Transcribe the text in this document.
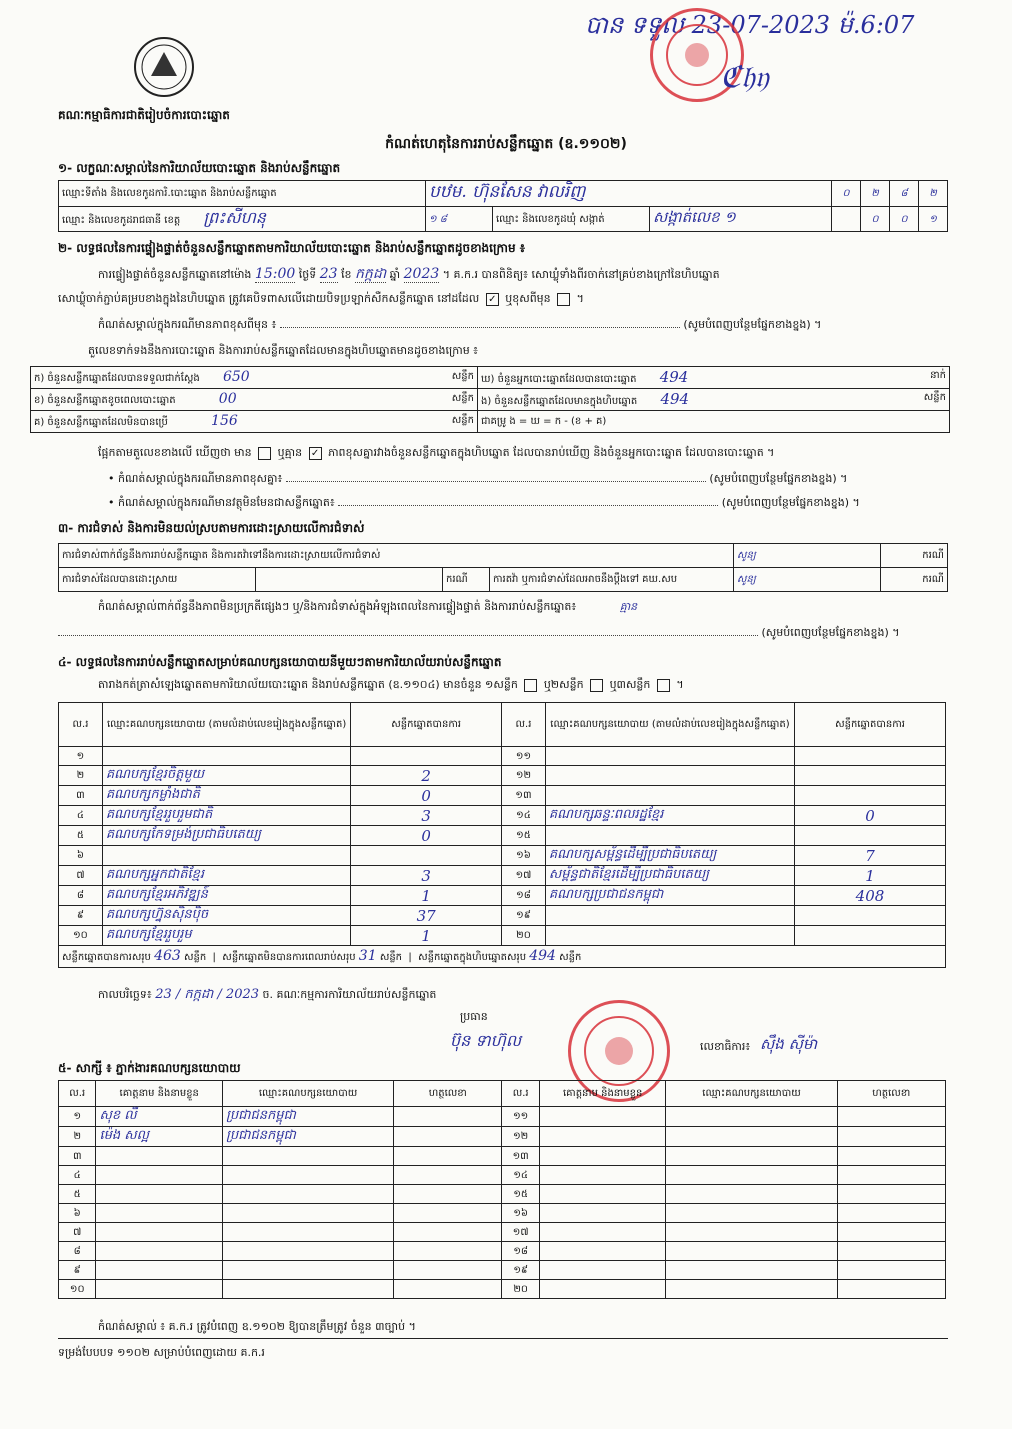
បាន ទទួល 23-07-2023 ម៉.6:07
ℭ𝔥𝔶
គណៈកម្មាធិការជាតិរៀបចំការបោះឆ្នោត
កំណត់ហេតុនៃការរាប់សន្លឹកឆ្នោត (ឧ.១១០២)
១- លក្ខណៈសម្គាល់នៃការិយាល័យបោះឆ្នោត និងរាប់សន្លឹកឆ្នោត
ឈ្មោះទីតាំង និងលេខកូដការិ.បោះឆ្នោត និងរាប់សន្លឹកឆ្នោត	បឋម. ហ៊ុនសែន វាលរិញ			០	២	៨	២
ឈ្មោះ និងលេខកូដរាជធានី ខេត្ត ព្រះសីហនុ	១ ៨	ឈ្មោះ និងលេខកូដឃុំ សង្កាត់	សង្កាត់លេខ ១		០	០	១
២- លទ្ធផលនៃការផ្ទៀងផ្ទាត់ចំនួនសន្លឹកឆ្នោតតាមការិយាល័យបោះឆ្នោត និងរាប់សន្លឹកឆ្នោតដូចខាងក្រោម ៖
ការផ្ទៀងផ្ទាត់ចំនួនសន្លឹកឆ្នោតនៅម៉ោង 15:00 ថ្ងៃទី 23 ខែ កក្កដា ឆ្នាំ 2023 ។ គ.ក.រ បានពិនិត្យ៖ សោឃ្លុំទាំងពីរចាក់នៅគ្រប់ខាងក្រៅនៃហិបឆ្នោត
សោឃ្លុំចាក់ភ្ជាប់គម្របខាងក្នុងនៃហិបឆ្នោត ត្រូវគេបិទពាសលើដោយបិទប្រឡាក់សឺកសន្លឹកឆ្នោត នៅដដែល ✓ ឬខុសពីមុន  ។
កំណត់សម្គាល់ក្នុងករណីមានភាពខុសពីមុន ៖	(សូមបំពេញបន្ថែមផ្នែកខាងខ្នង) ។
តួលេខទាក់ទងនឹងការបោះឆ្នោត និងការរាប់សន្លឹកឆ្នោតដែលមានក្នុងហិបឆ្នោតមានដូចខាងក្រោម ៖
ក) ចំនួនសន្លឹកឆ្នោតដែលបានទទួលជាក់ស្តែង 650 សន្លឹក	ឃ) ចំនួនអ្នកបោះឆ្នោតដែលបានបោះឆ្នោត 494 នាក់

ខ) ចំនួនសន្លឹកឆ្នោតខូចពេលបោះឆ្នោត 00 សន្លឹក	ង) ចំនួនសន្លឹកឆ្នោតដែលមានក្នុងហិបឆ្នោត 494 សន្លឹក

គ) ចំនួនសន្លឹកឆ្នោតដែលមិនបានប្រើ 156 សន្លឹក	ជាគម្រូ ង = ឃ = ក - (ខ + គ)
ផ្អែកតាមតួលេខខាងលើ ឃើញថា មាន ឬគ្មាន ✓ ភាពខុសគ្នារវាងចំនួនសន្លឹកឆ្នោតក្នុងហិបឆ្នោត ដែលបានរាប់ឃើញ និងចំនួនអ្នកបោះឆ្នោត ដែលបានបោះឆ្នោត ។
• កំណត់សម្គាល់ក្នុងករណីមានភាពខុសគ្នា៖	(សូមបំពេញបន្ថែមផ្នែកខាងខ្នង) ។
• កំណត់សម្គាល់ក្នុងករណីមានវត្ថុមិនមែនជាសន្លឹកឆ្នោត៖	(សូមបំពេញបន្ថែមផ្នែកខាងខ្នង) ។
៣- ការជំទាស់ និងការមិនយល់ស្របតាមការដោះស្រាយលើការជំទាស់
ការជំទាស់ពាក់ព័ន្ធនឹងការរាប់សន្លឹកឆ្នោត និងការតវ៉ាទៅនឹងការដោះស្រាយលើការជំទាស់				សូន្យ	ករណី
ការជំទាស់ដែលបានដោះស្រាយ		ករណី	ការតវ៉ា ឬការជំទាស់ដែលអាចនឹងប្តឹងទៅ គឃ.សប	សូន្យ	ករណី
កំណត់សម្គាល់ពាក់ព័ន្ធនឹងភាពមិនប្រក្រតីផ្សេងៗ ឬ/និងការជំទាស់ក្នុងអំឡុងពេលនៃការផ្ទៀងផ្ទាត់ និងការរាប់សន្លឹកឆ្នោត៖	គ្មាន
(សូមបំពេញបន្ថែមផ្នែកខាងខ្នង) ។
៤- លទ្ធផលនៃការរាប់សន្លឹកឆ្នោតសម្រាប់គណបក្សនយោបាយនីមួយៗតាមការិយាល័យរាប់សន្លឹកឆ្នោត
តារាងកត់ត្រាសំឡេងឆ្នោតតាមការិយាល័យបោះឆ្នោត និងរាប់សន្លឹកឆ្នោត (ឧ.១១០៤) មានចំនួន ១សន្លឹក ឬ២សន្លឹក ឬ៣សន្លឹក  ។
ល.រ	ឈ្មោះគណបក្សនយោបាយ (តាមលំដាប់លេខរៀងក្នុងសន្លឹកឆ្នោត)	សន្លឹកឆ្នោតបានការ	ល.រ	ឈ្មោះគណបក្សនយោបាយ (តាមលំដាប់លេខរៀងក្នុងសន្លឹកឆ្នោត)	សន្លឹកឆ្នោតបានការ
១			១១		
២	គណបក្សខ្មែរចិត្តមួយ	2	១២		
៣	គណបក្សកម្លាំងជាតិ	0	១៣		
៤	គណបក្សខ្មែររួបរួមជាតិ	3	១៤	គណបក្សឆន្ទៈពលរដ្ឋខ្មែរ	0
៥	គណបក្សកែទម្រង់ប្រជាធិបតេយ្យ	0	១៥		
៦			១៦	គណបក្សសម្ព័ន្ធដើម្បីប្រជាធិបតេយ្យ	7
៧	គណបក្សអ្នកជាតិខ្មែរ	3	១៧	សម្ព័ន្ធជាតិខ្មែរដើម្បីប្រជាធិបតេយ្យ	1
៨	គណបក្សខ្មែរអភិវឌ្ឍន៍	1	១៨	គណបក្សប្រជាជនកម្ពុជា	408
៩	គណបក្សហ្វ៊ុនស៊ិនប៉ិច	37	១៩		
១០	គណបក្សខ្មែររួបរួម	1	២០		
សន្លឹកឆ្នោតបានការសរុប 463 សន្លឹក  |  សន្លឹកឆ្នោតមិនបានការពេលរាប់សរុប 31 សន្លឹក  |  សន្លឹកឆ្នោតក្នុងហិបឆ្នោតសរុប 494 សន្លឹក					
កាលបរិច្ឆេទ៖ 23 / កក្កដា / 2023 ច. គណៈកម្មការការិយាល័យរាប់សន្លឹកឆ្នោត
ប្រធាន
ប៊ុន ទាហ៊ុល	លេខាធិការ៖ ស៊ឹង ស៊ីម៉ា
៥- សាក្សី ៖ ភ្នាក់ងារគណបក្សនយោបាយ
ល.រ	គោត្តនាម និងនាមខ្លួន	ឈ្មោះគណបក្សនយោបាយ	ហត្ថលេខា	ល.រ	គោត្តនាម និងនាមខ្លួន	ឈ្មោះគណបក្សនយោបាយ	ហត្ថលេខា
១	សុខ លី	ប្រជាជនកម្ពុជា		១១			
២	ម៉េង សល្អ	ប្រជាជនកម្ពុជា		១២			
៣				១៣			
៤				១៤			
៥				១៥			
៦				១៦			
៧				១៧			
៨				១៨			
៩				១៩			
១០				២០			
កំណត់សម្គាល់ ៖ គ.ក.រ ត្រូវបំពេញ ឧ.១១០២ ឱ្យបានត្រឹមត្រូវ ចំនួន ៣ច្បាប់ ។
ទម្រង់បែបបទ ១១០២ សម្រាប់បំពេញដោយ គ.ក.រ
